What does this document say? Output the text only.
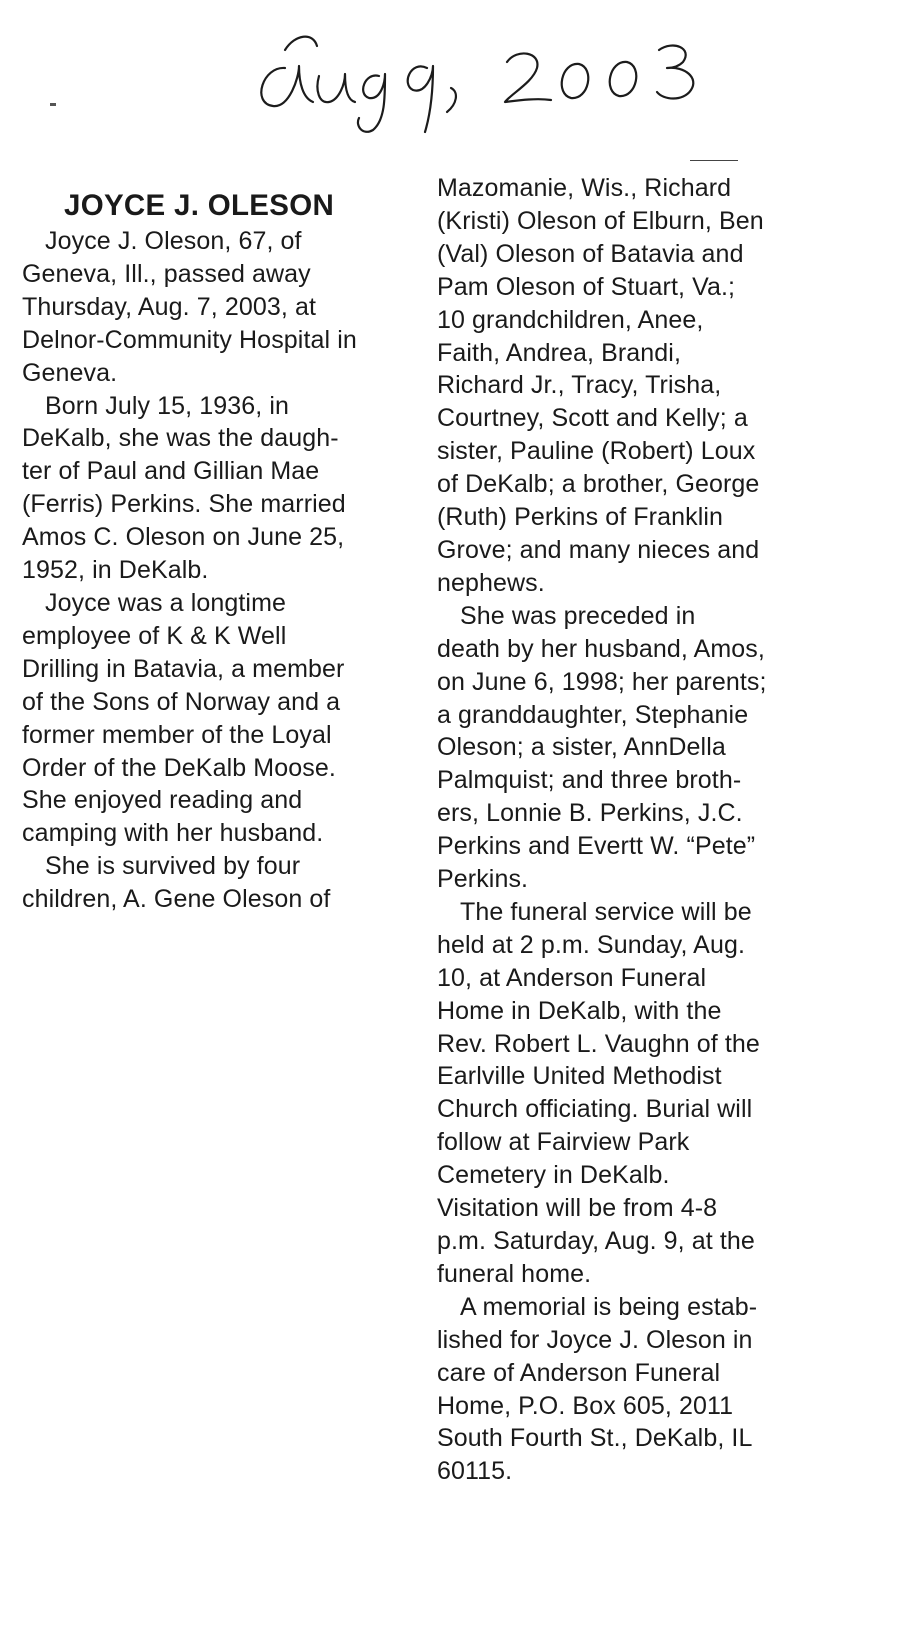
JOYCE J. OLESON
Joyce J. Oleson, 67, of
Geneva, Ill., passed away
Thursday, Aug. 7, 2003, at
Delnor-Community Hospital in
Geneva.
Born July 15, 1936, in
DeKalb, she was the daugh-
ter of Paul and Gillian Mae
(Ferris) Perkins. She married
Amos C. Oleson on June 25,
1952, in DeKalb.
Joyce was a longtime
employee of K & K Well
Drilling in Batavia, a member
of the Sons of Norway and a
former member of the Loyal
Order of the DeKalb Moose.
She enjoyed reading and
camping with her husband.
She is survived by four
children, A. Gene Oleson of
Mazomanie, Wis., Richard
(Kristi) Oleson of Elburn, Ben
(Val) Oleson of Batavia and
Pam Oleson of Stuart, Va.;
10 grandchildren, Anee,
Faith, Andrea, Brandi,
Richard Jr., Tracy, Trisha,
Courtney, Scott and Kelly; a
sister, Pauline (Robert) Loux
of DeKalb; a brother, George
(Ruth) Perkins of Franklin
Grove; and many nieces and
nephews.
She was preceded in
death by her husband, Amos,
on June 6, 1998; her parents;
a granddaughter, Stephanie
Oleson; a sister, AnnDella
Palmquist; and three broth-
ers, Lonnie B. Perkins, J.C.
Perkins and Evertt W. “Pete”
Perkins.
The funeral service will be
held at 2 p.m. Sunday, Aug.
10, at Anderson Funeral
Home in DeKalb, with the
Rev. Robert L. Vaughn of the
Earlville United Methodist
Church officiating. Burial will
follow at Fairview Park
Cemetery in DeKalb.
Visitation will be from 4-8
p.m. Saturday, Aug. 9, at the
funeral home.
A memorial is being estab-
lished for Joyce J. Oleson in
care of Anderson Funeral
Home, P.O. Box 605, 2011
South Fourth St., DeKalb, IL
60115.
